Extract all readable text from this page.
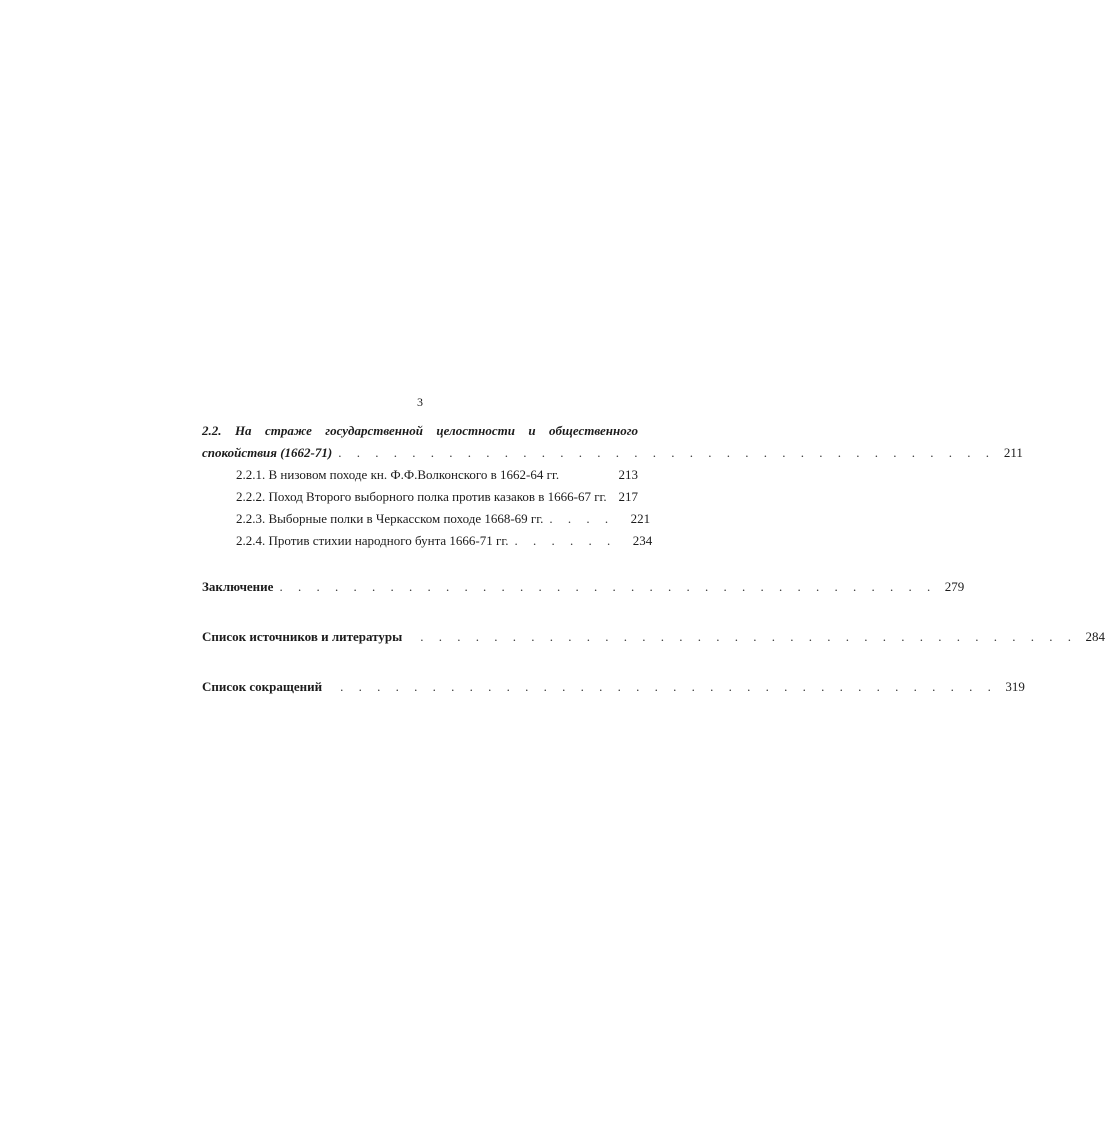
3
2.2. На страже государственной целостности и общественного
спокойствия (1662-71) . . . . . . . . . . . . . . . . . . . . . . . . . . . . . . . . . . . . 211
2.2.1. В низовом походе кн. Ф.Ф.Волконского в 1662-64 гг.	213
2.2.2. Поход Второго выборного полка против казаков в 1666-67 гг. 217
2.2.3. Выборные полки в Черкасском походе 1668-69 гг. . . . .	221
2.2.4. Против стихии народного бунта 1666-71 гг. . . . . . .	234
Заключение . . . . . . . . . . . . . . . . . . . . . . . . . . . . . . . . . . . . 279
Список источников и литературы . . . . . . . . . . . . . . . . . . . . . . . . . . . . . . . . . . . . 284
Список сокращений . . . . . . . . . . . . . . . . . . . . . . . . . . . . . . . . . . . . 319
